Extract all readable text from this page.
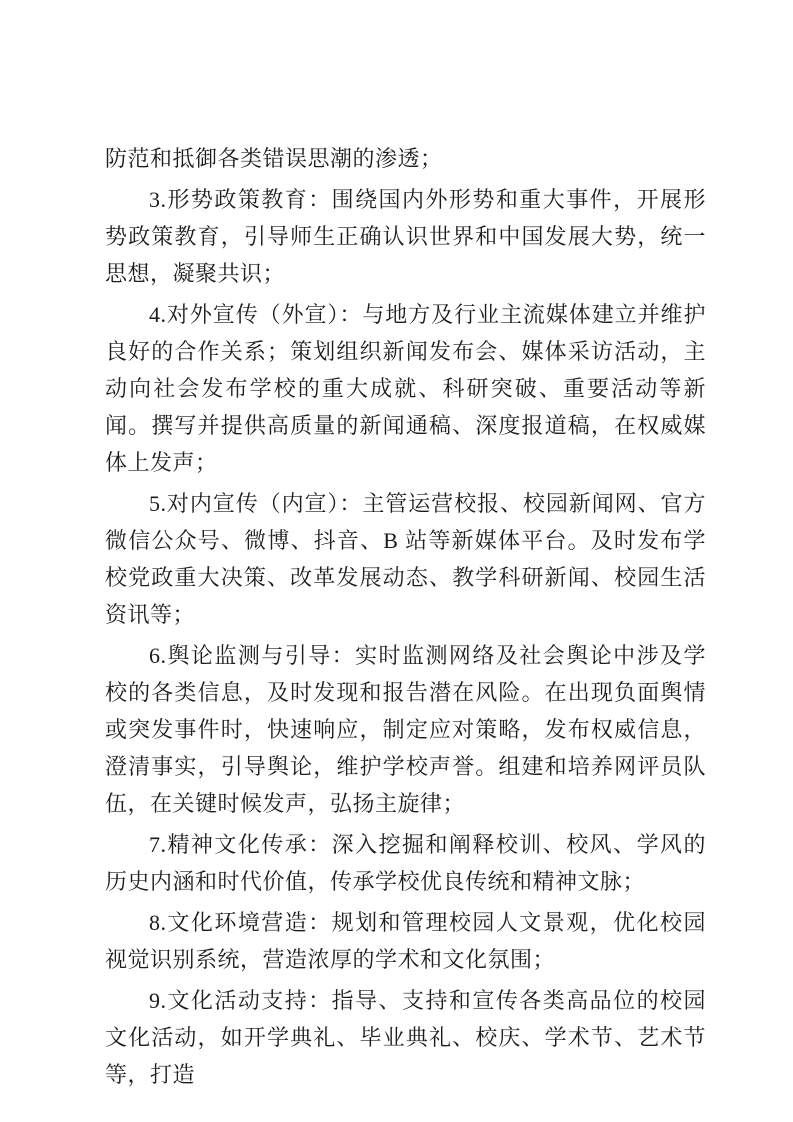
防范和抵御各类错误思潮的渗透；

3.形势政策教育：围绕国内外形势和重大事件，开展形势政策教育，引导师生正确认识世界和中国发展大势，统一思想，凝聚共识；

4.对外宣传（外宣）：与地方及行业主流媒体建立并维护良好的合作关系；策划组织新闻发布会、媒体采访活动，主动向社会发布学校的重大成就、科研突破、重要活动等新闻。撰写并提供高质量的新闻通稿、深度报道稿，在权威媒体上发声；

5.对内宣传（内宣）：主管运营校报、校园新闻网、官方微信公众号、微博、抖音、B 站等新媒体平台。及时发布学校党政重大决策、改革发展动态、教学科研新闻、校园生活资讯等；

6.舆论监测与引导：实时监测网络及社会舆论中涉及学校的各类信息，及时发现和报告潜在风险。在出现负面舆情或突发事件时，快速响应，制定应对策略，发布权威信息，澄清事实，引导舆论，维护学校声誉。组建和培养网评员队伍，在关键时候发声，弘扬主旋律；

7.精神文化传承：深入挖掘和阐释校训、校风、学风的历史内涵和时代价值，传承学校优良传统和精神文脉；

8.文化环境营造：规划和管理校园人文景观，优化校园视觉识别系统，营造浓厚的学术和文化氛围；

9.文化活动支持：指导、支持和宣传各类高品位的校园文化活动，如开学典礼、毕业典礼、校庆、学术节、艺术节等，打造
